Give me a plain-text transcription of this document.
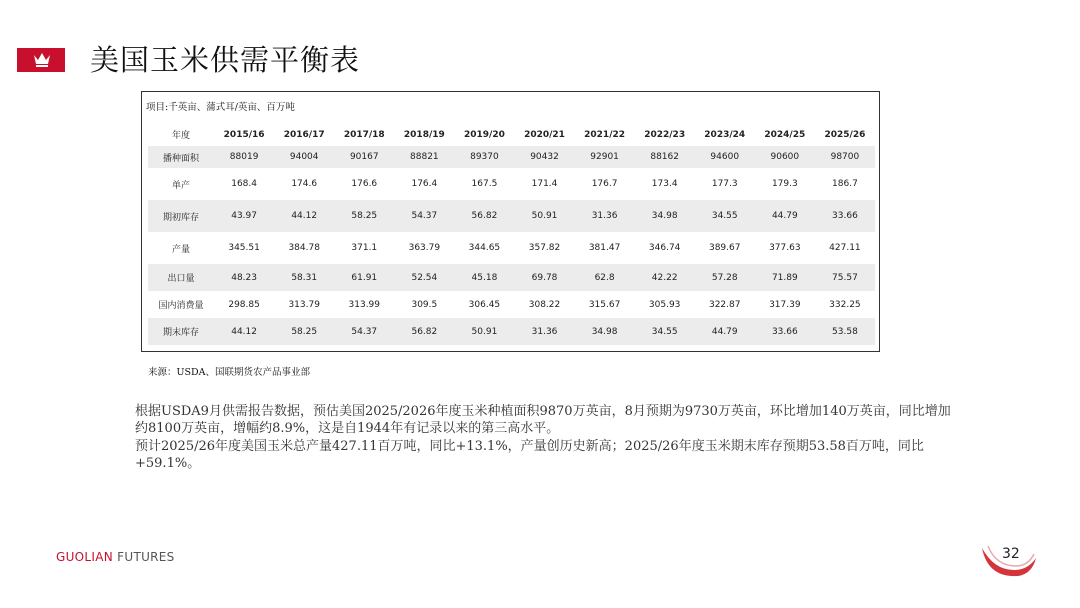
美国玉米供需平衡表
项目:千英亩、蒲式耳/英亩、百万吨
年度	2015/16	2016/17	2017/18	2018/19	2019/20	2020/21	2021/22	2022/23	2023/24	2024/25	2025/26
播种面积	88019	94004	90167	88821	89370	90432	92901	88162	94600	90600	98700
单产	168.4	174.6	176.6	176.4	167.5	171.4	176.7	173.4	177.3	179.3	186.7
期初库存	43.97	44.12	58.25	54.37	56.82	50.91	31.36	34.98	34.55	44.79	33.66
产量	345.51	384.78	371.1	363.79	344.65	357.82	381.47	346.74	389.67	377.63	427.11
出口量	48.23	58.31	61.91	52.54	45.18	69.78	62.8	42.22	57.28	71.89	75.57
国内消费量	298.85	313.79	313.99	309.5	306.45	308.22	315.67	305.93	322.87	317.39	332.25
期末库存	44.12	58.25	54.37	56.82	50.91	31.36	34.98	34.55	44.79	33.66	53.58
来源：USDA、国联期货农产品事业部

根据USDA9月供需报告数据，预估美国2025/2026年度玉米种植面积9870万英亩，8月预期为9730万英亩，环比增加140万英亩，同比增加约8100万英亩，增幅约8.9%，这是自1944年有记录以来的第三高水平。

预计2025/26年度美国玉米总产量427.11百万吨，同比+13.1%，产量创历史新高；2025/26年度玉米期末库存预期53.58百万吨，同比+59.1%。

GUOLIAN FUTURES	32
